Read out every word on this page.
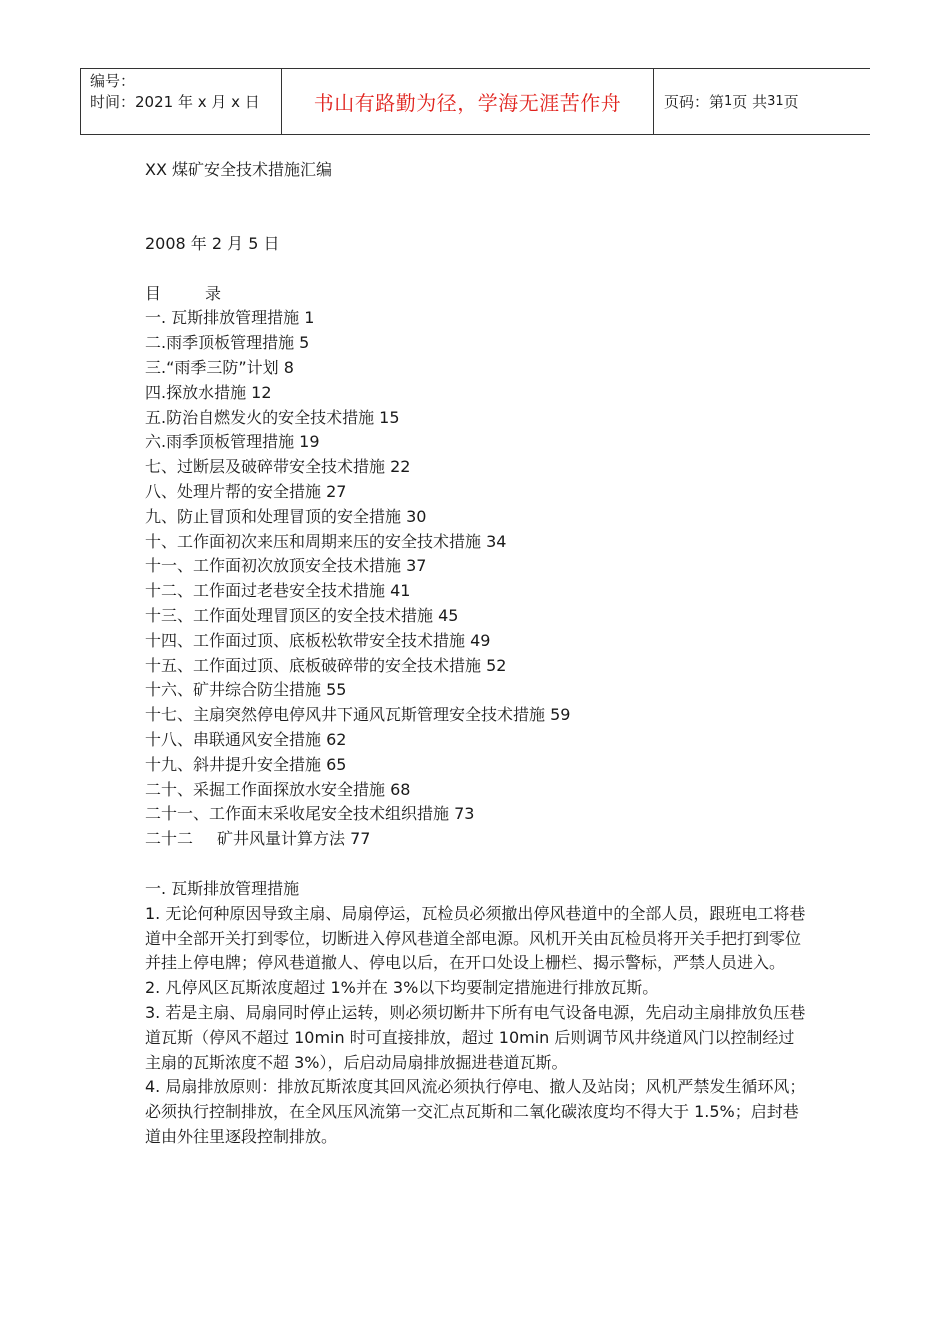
编号：
时间：2021 年 x 月 x 日	书山有路勤为径，学海无涯苦作舟	页码：第 1 页 共 31 页

XX 煤矿安全技术措施汇编

2008 年 2 月 5 日

目	录

一. 瓦斯排放管理措施 1
二.雨季顶板管理措施 5
三.“雨季三防”计划 8
四.探放水措施 12
五.防治自燃发火的安全技术措施 15
六.雨季顶板管理措施 19
七、过断层及破碎带安全技术措施 22
八、处理片帮的安全措施 27
九、防止冒顶和处理冒顶的安全措施 30
十、工作面初次来压和周期来压的安全技术措施 34
十一、工作面初次放顶安全技术措施 37
十二、工作面过老巷安全技术措施 41
十三、工作面处理冒顶区的安全技术措施 45
十四、工作面过顶、底板松软带安全技术措施 49
十五、工作面过顶、底板破碎带的安全技术措施 52
十六、矿井综合防尘措施 55
十七、主扇突然停电停风井下通风瓦斯管理安全技术措施 59
十八、串联通风安全措施 62
十九、斜井提升安全措施 65
二十、采掘工作面探放水安全措施 68
二十一、工作面末采收尾安全技术组织措施 73

二十二 矿井风量计算方法 77

一. 瓦斯排放管理措施

1. 无论何种原因导致主扇、局扇停运，瓦检员必须撤出停风巷道中的全部人员，跟班电工将巷道中全部开关打到零位，切断进入停风巷道全部电源。风机开关由瓦检员将开关手把打到零位并挂上停电牌；停风巷道撤人、停电以后，在开口处设上栅栏、揭示警标，严禁人员进入。

2. 凡停风区瓦斯浓度超过 1%并在 3%以下均要制定措施进行排放瓦斯。

3. 若是主扇、局扇同时停止运转，则必须切断井下所有电气设备电源，先启动主扇排放负压巷道瓦斯（停风不超过 10min 时可直接排放，超过 10min 后则调节风井绕道风门以控制经过主扇的瓦斯浓度不超 3%），后启动局扇排放掘进巷道瓦斯。

4. 局扇排放原则：排放瓦斯浓度其回风流必须执行停电、撤人及站岗；风机严禁发生循环风；必须执行控制排放，在全风压风流第一交汇点瓦斯和二氧化碳浓度均不得大于 1.5%；启封巷道由外往里逐段控制排放。
